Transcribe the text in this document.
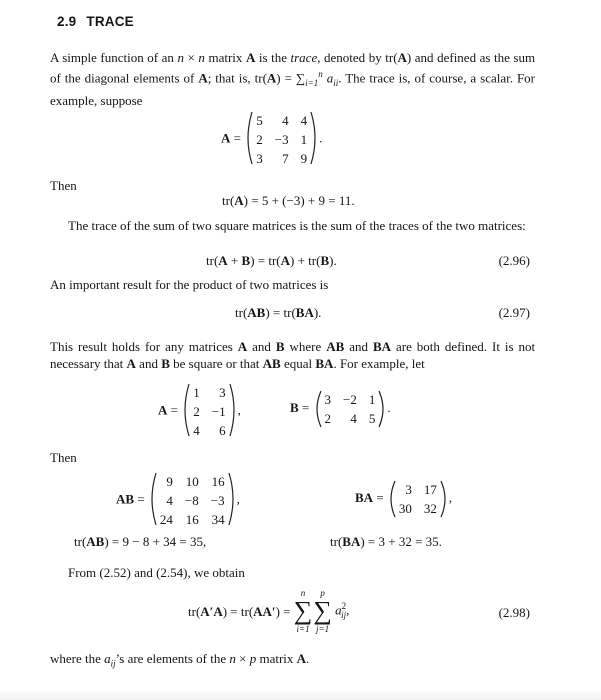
2.9 TRACE
A simple function of an n × n matrix A is the trace, denoted by tr(A) and defined as the sum of the diagonal elements of A; that is, $tr(A) = \sum_{i=1}^n$ $a_{ii}$. The trace is, of course, a scalar. For example, suppose
A =
5	4 4
2 −3 1
3	7 9
.
Then
tr(A) = 5 + (−3) + 9 = 11.
The trace of the sum of two square matrices is the sum of the traces of the two matrices:
tr(A + B) = tr(A) + tr(B).	(2.96)
An important result for the product of two matrices is
tr(AB) = tr(BA).	(2.97)
This result holds for any matrices A and B where AB and BA are both defined. It is not necessary that A and B be square or that AB equal BA. For example, let
A =
1	3
2 −1
4	6
,	B =
3 −2 1
2	4 5
.
Then
AB =
9 10 16
4 −8 −3
24 16 34
,	BA =
3 17
30 32
,
tr(AB) = 9 − 8 + 34 = 35,	tr(BA) = 3 + 32 = 35.
From (2.52) and (2.54), we obtain
tr(A′A) = tr(AA′) =
n
∑
i=1
p
∑
j=1
$a^2_{ij}$,	(2.98)
where the $a_{ij}’s$ are elements of the n × p matrix A.
